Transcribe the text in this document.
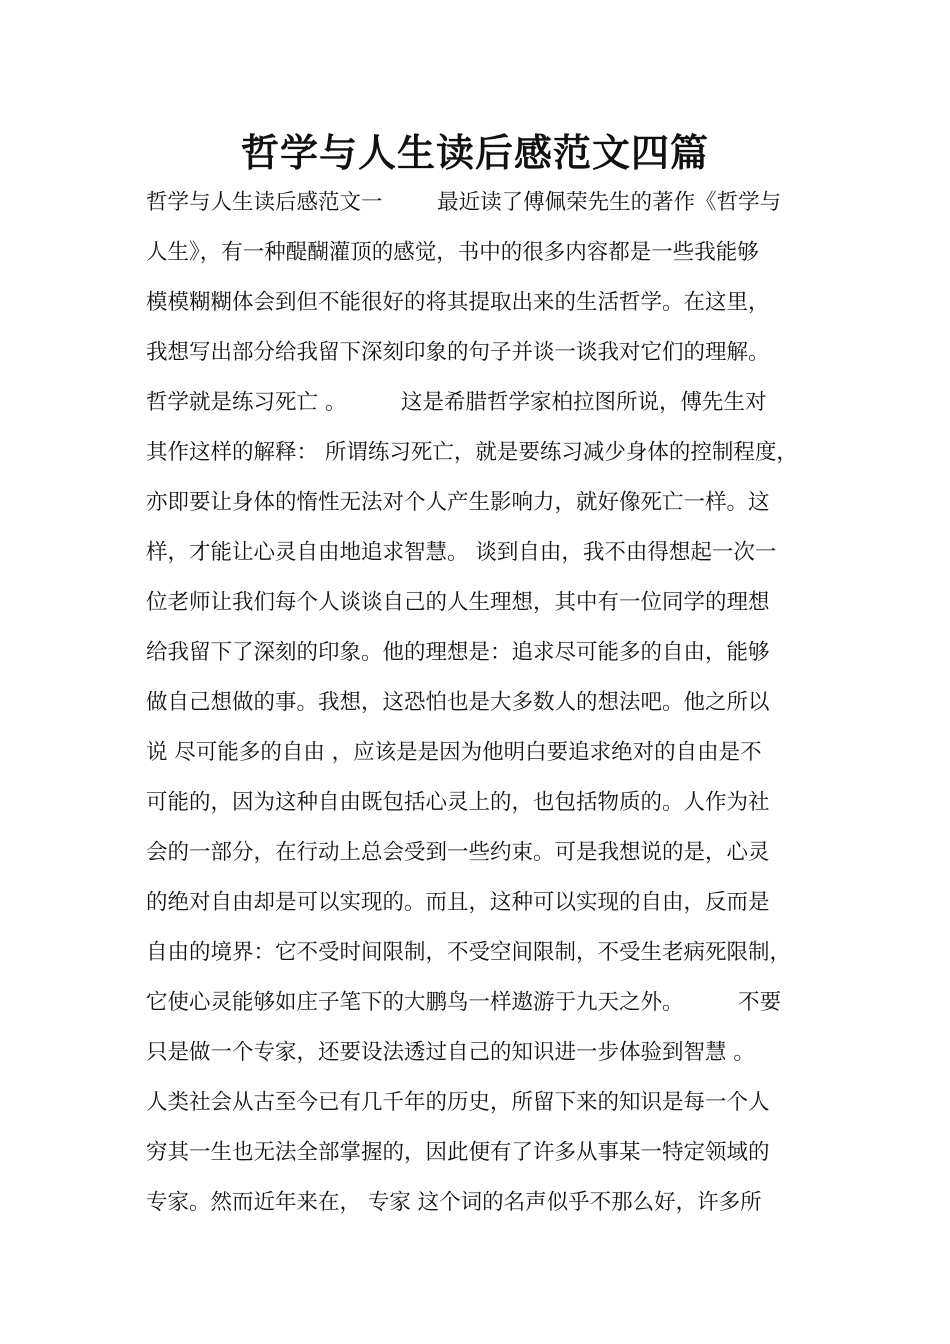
哲学与人生读后感范文四篇
哲学与人生读后感范文一        最近读了傅佩荣先生的著作《哲学与
人生》，有一种醍醐灌顶的感觉，书中的很多内容都是一些我能够
模模糊糊体会到但不能很好的将其提取出来的生活哲学。在这里，
我想写出部分给我留下深刻印象的句子并谈一谈我对它们的理解。
哲学就是练习死亡 。        这是希腊哲学家柏拉图所说，傅先生对
其作这样的解释： 所谓练习死亡，就是要练习减少身体的控制程度，
亦即要让身体的惰性无法对个人产生影响力，就好像死亡一样。这
样，才能让心灵自由地追求智慧。 谈到自由，我不由得想起一次一
位老师让我们每个人谈谈自己的人生理想，其中有一位同学的理想
给我留下了深刻的印象。他的理想是：追求尽可能多的自由，能够
做自己想做的事。我想，这恐怕也是大多数人的想法吧。他之所以
说 尽可能多的自由 ，应该是是因为他明白要追求绝对的自由是不
可能的，因为这种自由既包括心灵上的，也包括物质的。人作为社
会的一部分，在行动上总会受到一些约束。可是我想说的是，心灵
的绝对自由却是可以实现的。而且，这种可以实现的自由，反而是
自由的境界：它不受时间限制，不受空间限制，不受生老病死限制，
它使心灵能够如庄子笔下的大鹏鸟一样遨游于九天之外。        不要
只是做一个专家，还要设法透过自己的知识进一步体验到智慧 。
人类社会从古至今已有几千年的历史，所留下来的知识是每一个人
穷其一生也无法全部掌握的，因此便有了许多从事某一特定领域的
专家。然而近年来在， 专家 这个词的名声似乎不那么好，许多所
